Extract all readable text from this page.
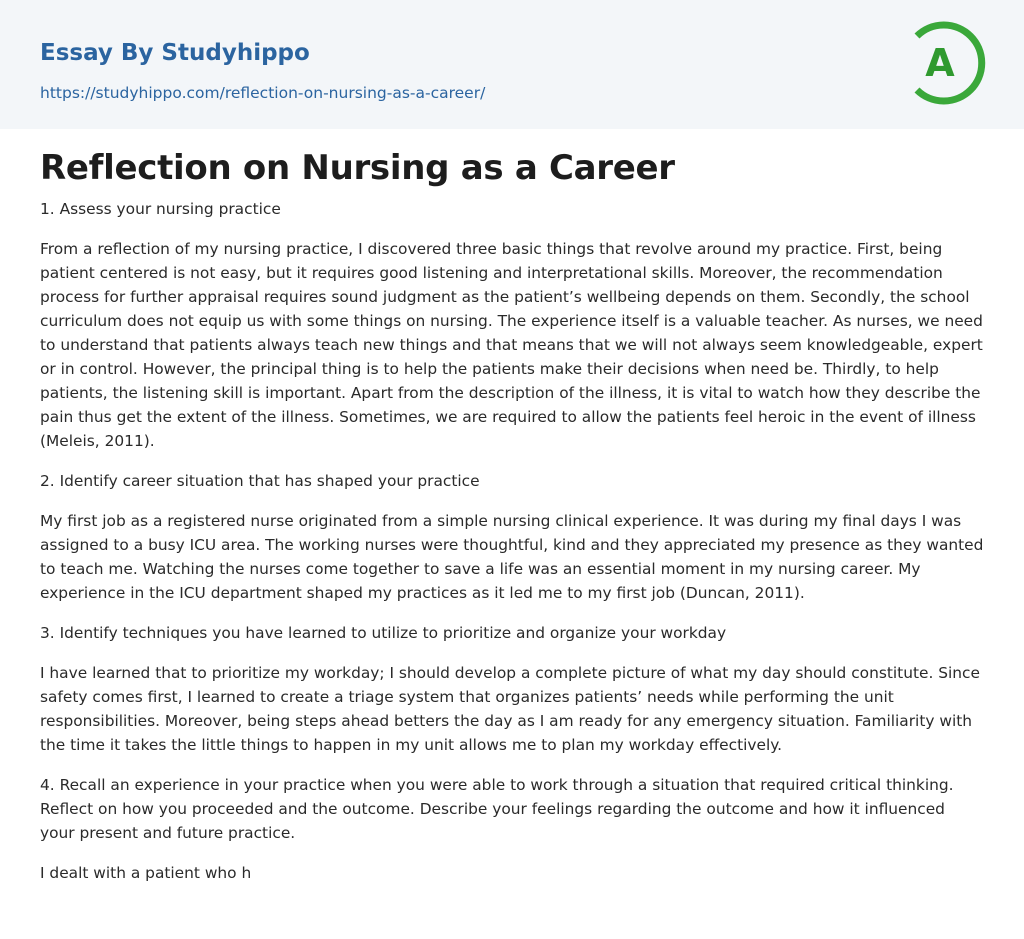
Essay By Studyhippo
https://studyhippo.com/reflection-on-nursing-as-a-career/
A
Reflection on Nursing as a Career

1. Assess your nursing practice

From a reflection of my nursing practice, I discovered three basic things that revolve around my practice. First, being patient centered is not easy, but it requires good listening and interpretational skills. Moreover, the recommendation process for further appraisal requires sound judgment as the patient’s wellbeing depends on them. Secondly, the school curriculum does not equip us with some things on nursing. The experience itself is a valuable teacher. As nurses, we need to understand that patients always teach new things and that means that we will not always seem knowledgeable, expert or in control. However, the principal thing is to help the patients make their decisions when need be. Thirdly, to help patients, the listening skill is important. Apart from the description of the illness, it is vital to watch how they describe the pain thus get the extent of the illness. Sometimes, we are required to allow the patients feel heroic in the event of illness (Meleis, 2011).

2. Identify career situation that has shaped your practice

My first job as a registered nurse originated from a simple nursing clinical experience. It was during my final days I was assigned to a busy ICU area. The working nurses were thoughtful, kind and they appreciated my presence as they wanted to teach me. Watching the nurses come together to save a life was an essential moment in my nursing career. My experience in the ICU department shaped my practices as it led me to my first job (Duncan, 2011).

3. Identify techniques you have learned to utilize to prioritize and organize your workday

I have learned that to prioritize my workday; I should develop a complete picture of what my day should constitute. Since safety comes first, I learned to create a triage system that organizes patients’ needs while performing the unit responsibilities. Moreover, being steps ahead betters the day as I am ready for any emergency situation. Familiarity with the time it takes the little things to happen in my unit allows me to plan my workday effectively.

4. Recall an experience in your practice when you were able to work through a situation that required critical thinking. Reflect on how you proceeded and the outcome. Describe your feelings regarding the outcome and how it influenced your present and future practice.

I dealt with a patient who h
